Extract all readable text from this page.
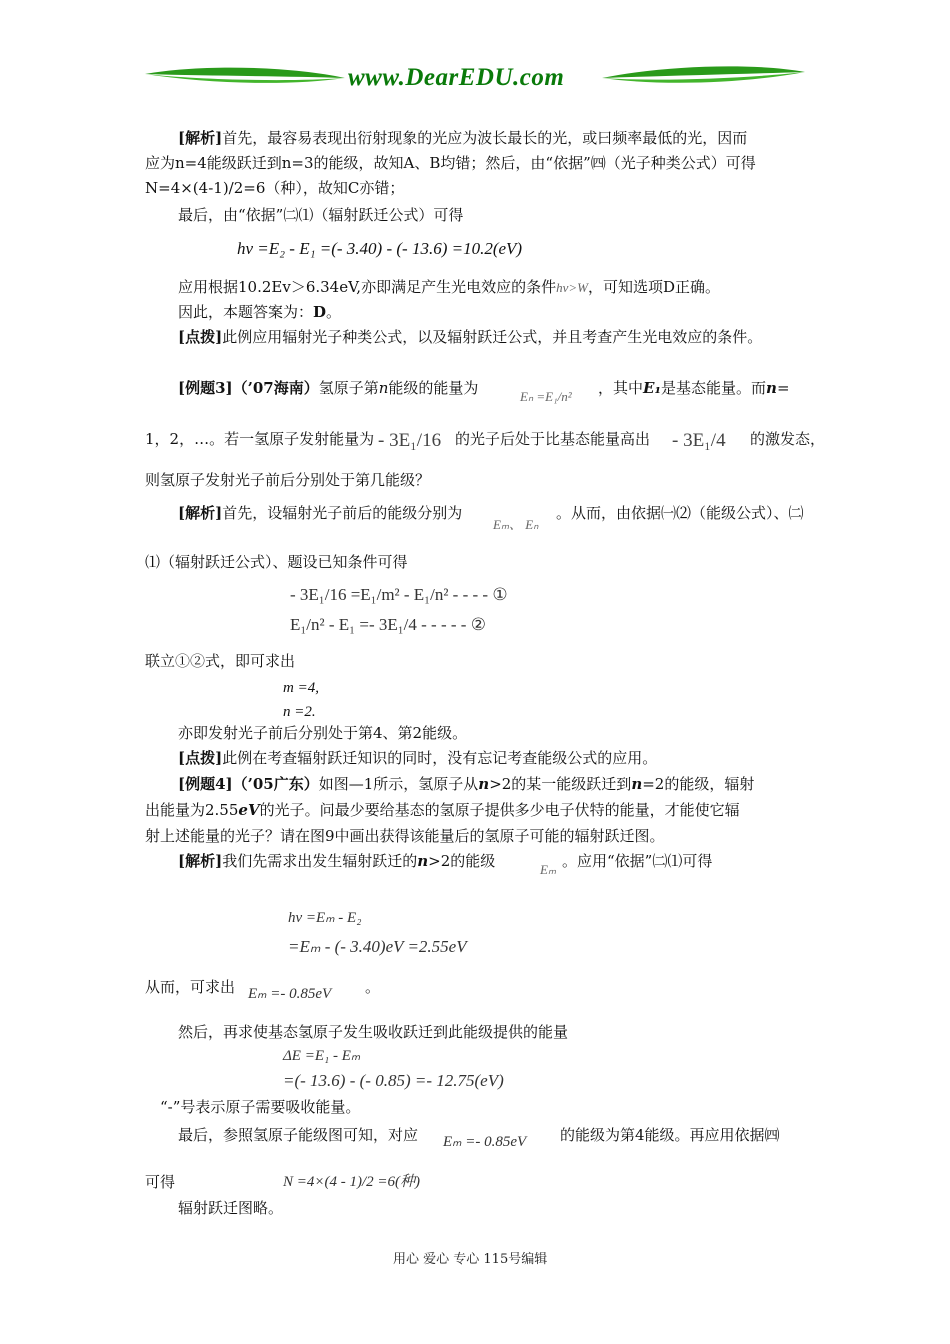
www.DearEDU.com
[解析]首先，最容易表现出衍射现象的光应为波长最长的光，或曰频率最低的光，因而
应为n=4能级跃迁到n=3的能级，故知A、B均错；然后，由“依据”㈣（光子种类公式）可得
N=4×(4-1)/2=6（种），故知C亦错；
最后，由“依据”㈡⑴（辐射跃迁公式）可得
hν =E₂ - E₁ =(- 3.40) - (- 13.6) =10.2(eV)
应用根据10.2Ev＞6.34eV,亦即满足产生光电效应的条件hν>W，可知选项D正确。
因此，本题答案为：D。
[点拨]此例应用辐射光子种类公式，以及辐射跃迁公式，并且考查产生光电效应的条件。
[例题3]（’07海南）氢原子第n能级的能量为	Eₙ =E₁/n² ，其中E₁是基态能量。而n=
1，2，…。若一氢原子发射能量为 - 3E₁/16 的光子后处于比基态能量高出 - 3E₁/4 的激发态，
则氢原子发射光子前后分别处于第几能级？
[解析]首先，设辐射光子前后的能级分别为
Eₘ、 Eₙ
。从而，由依据㈠⑵（能级公式）、㈡
⑴（辐射跃迁公式）、题设已知条件可得
- 3E₁/16 =E₁/m² - E₁/n² - - - - ①
E₁/n² - E₁ =- 3E₁/4 - - - - - ②
联立①②式，即可求出
m =4,
n =2.
亦即发射光子前后分别处于第4、第2能级。
[点拨]此例在考查辐射跃迁知识的同时，没有忘记考查能级公式的应用。
[例题4]（’05广东）如图—1所示，氢原子从n>2的某一能级跃迁到n=2的能级，辐射
出能量为2.55eV的光子。问最少要给基态的氢原子提供多少电子伏特的能量，才能使它辐
射上述能量的光子？请在图9中画出获得该能量后的氢原子可能的辐射跃迁图。
[解析]我们先需求出发生辐射跃迁的n>2的能级	Eₘ 。应用“依据”㈡⑴可得
hν =Eₘ - E₂
=Eₘ - (- 3.40)eV =2.55eV
从而，可求出 Eₘ =- 0.85eV 。
然后，再求使基态氢原子发生吸收跃迁到此能级提供的能量
ΔE =E₁ - Eₘ
=(- 13.6) - (- 0.85) =- 12.75(eV)
“-”号表示原子需要吸收能量。
最后，参照氢原子能级图可知，对应 Eₘ =- 0.85eV 的能级为第4能级。再应用依据㈣
可得	N =4×(4 - 1)/2 =6(种)
辐射跃迁图略。
用心 爱心 专心 115号编辑
